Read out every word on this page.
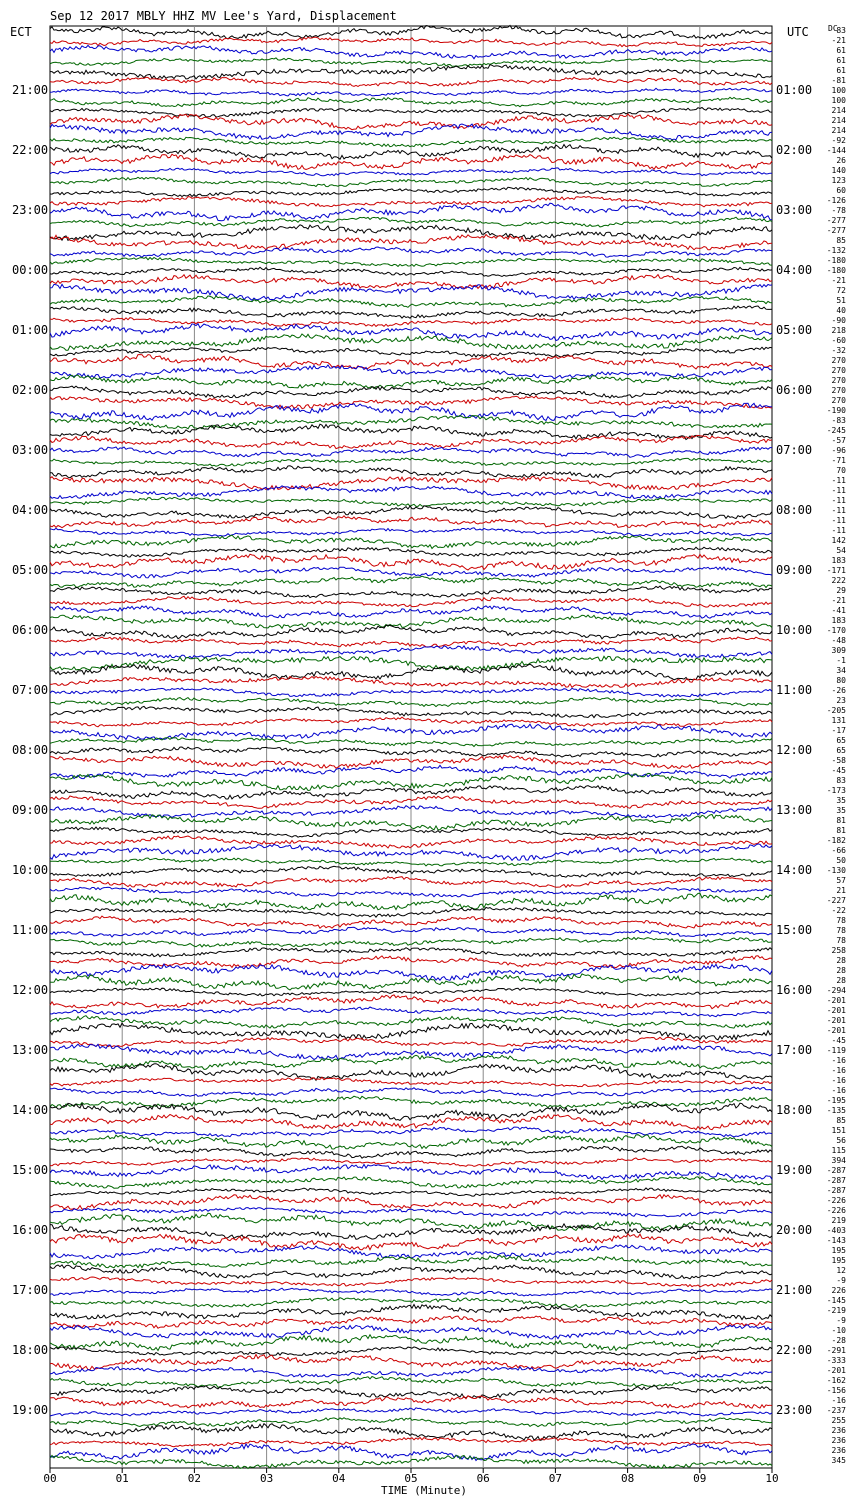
Sep 12 2017 MBLY HHZ MV Lee's Yard, Displacement
ECT	UTC DC
21:00
22:00
23:00
00:00
01:00
02:00
03:00
04:00
05:00
06:00
07:00
08:00
09:00
10:00
11:00
12:00
13:00
14:00
15:00
16:00
17:00
18:00
19:00
01:00
02:00
03:00
04:00
05:00
06:00
07:00
08:00
09:00
10:00
11:00
12:00
13:00
14:00
15:00
16:00
17:00
18:00
19:00
20:00
21:00
22:00
23:00
83
-21
61
61
61
-81
100
100
214
214
214
-92
-144
26
140
123
60
-126
-78
-277
-277
85
-132
-180
-180
-21
72
51
40
-90
218
-60
-32
270
270
270
270
270
-190
-83
-245
-57
-96
-71
70
-11
-11
-11
-11
-11
-11
142
54
183
-171
222
29
-21
-41
183
-170
-48
309
-1
34
80
-26
23
-205
131
-17
65
65
-58
-45
83
-173
35
35
81
81
-182
-66
50
-130
57
21
-227
-22
78
78
78
258
28
28
28
-294
-201
-201
-201
-201
-45
-119
-16
-16
-16
-16
-195
-135
85
151
56
115
394
-287
-287
-287
-226
-226
219
-403
-143
195
195
12
-9
226
-145
-219
-9
-10
-28
-291
-333
-201
-162
-156
-16
-237
255
236
236
236
345
00	01	02	03	04	05	06	07	08	09	10
TIME (Minute)
